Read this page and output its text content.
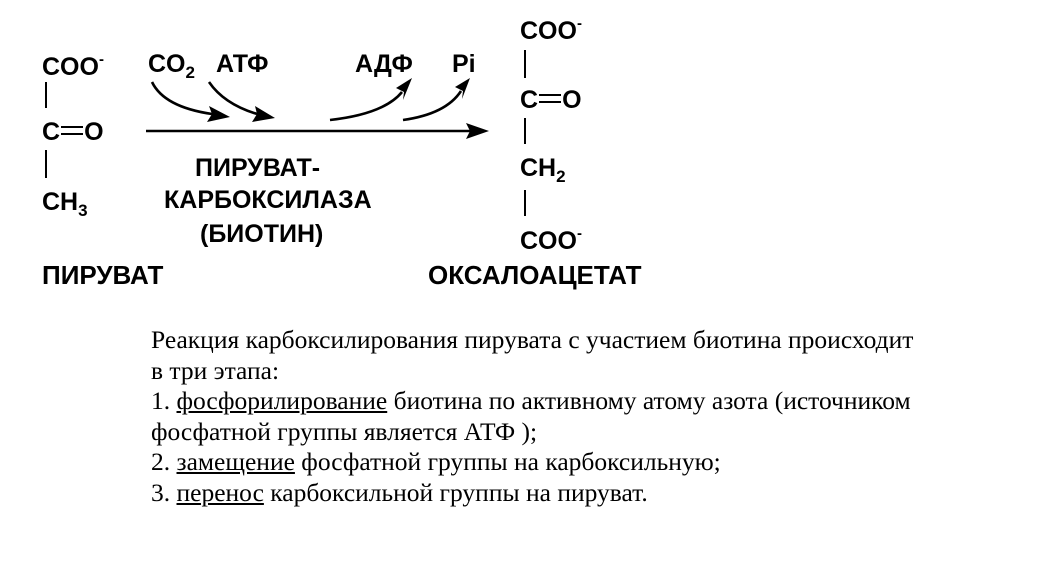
COO-
C O
$CH_3$
ПИРУВАТ
$CO_2$ АТФ	АДФ Pi
ПИРУВАТ-
КАРБОКСИЛАЗА
(БИОТИН)
COO-
C O
$CH_2$
COO-
ОКСАЛОАЦЕТАТ

Реакция карбоксилирования пирувата с участием биотина происходит

в три этапа:

1. фосфорилирование биотина по активному атому азота (источником

фосфатной группы является АТФ );

2. замещение фосфатной группы на карбоксильную;

3. перенос карбоксильной группы на пируват.
